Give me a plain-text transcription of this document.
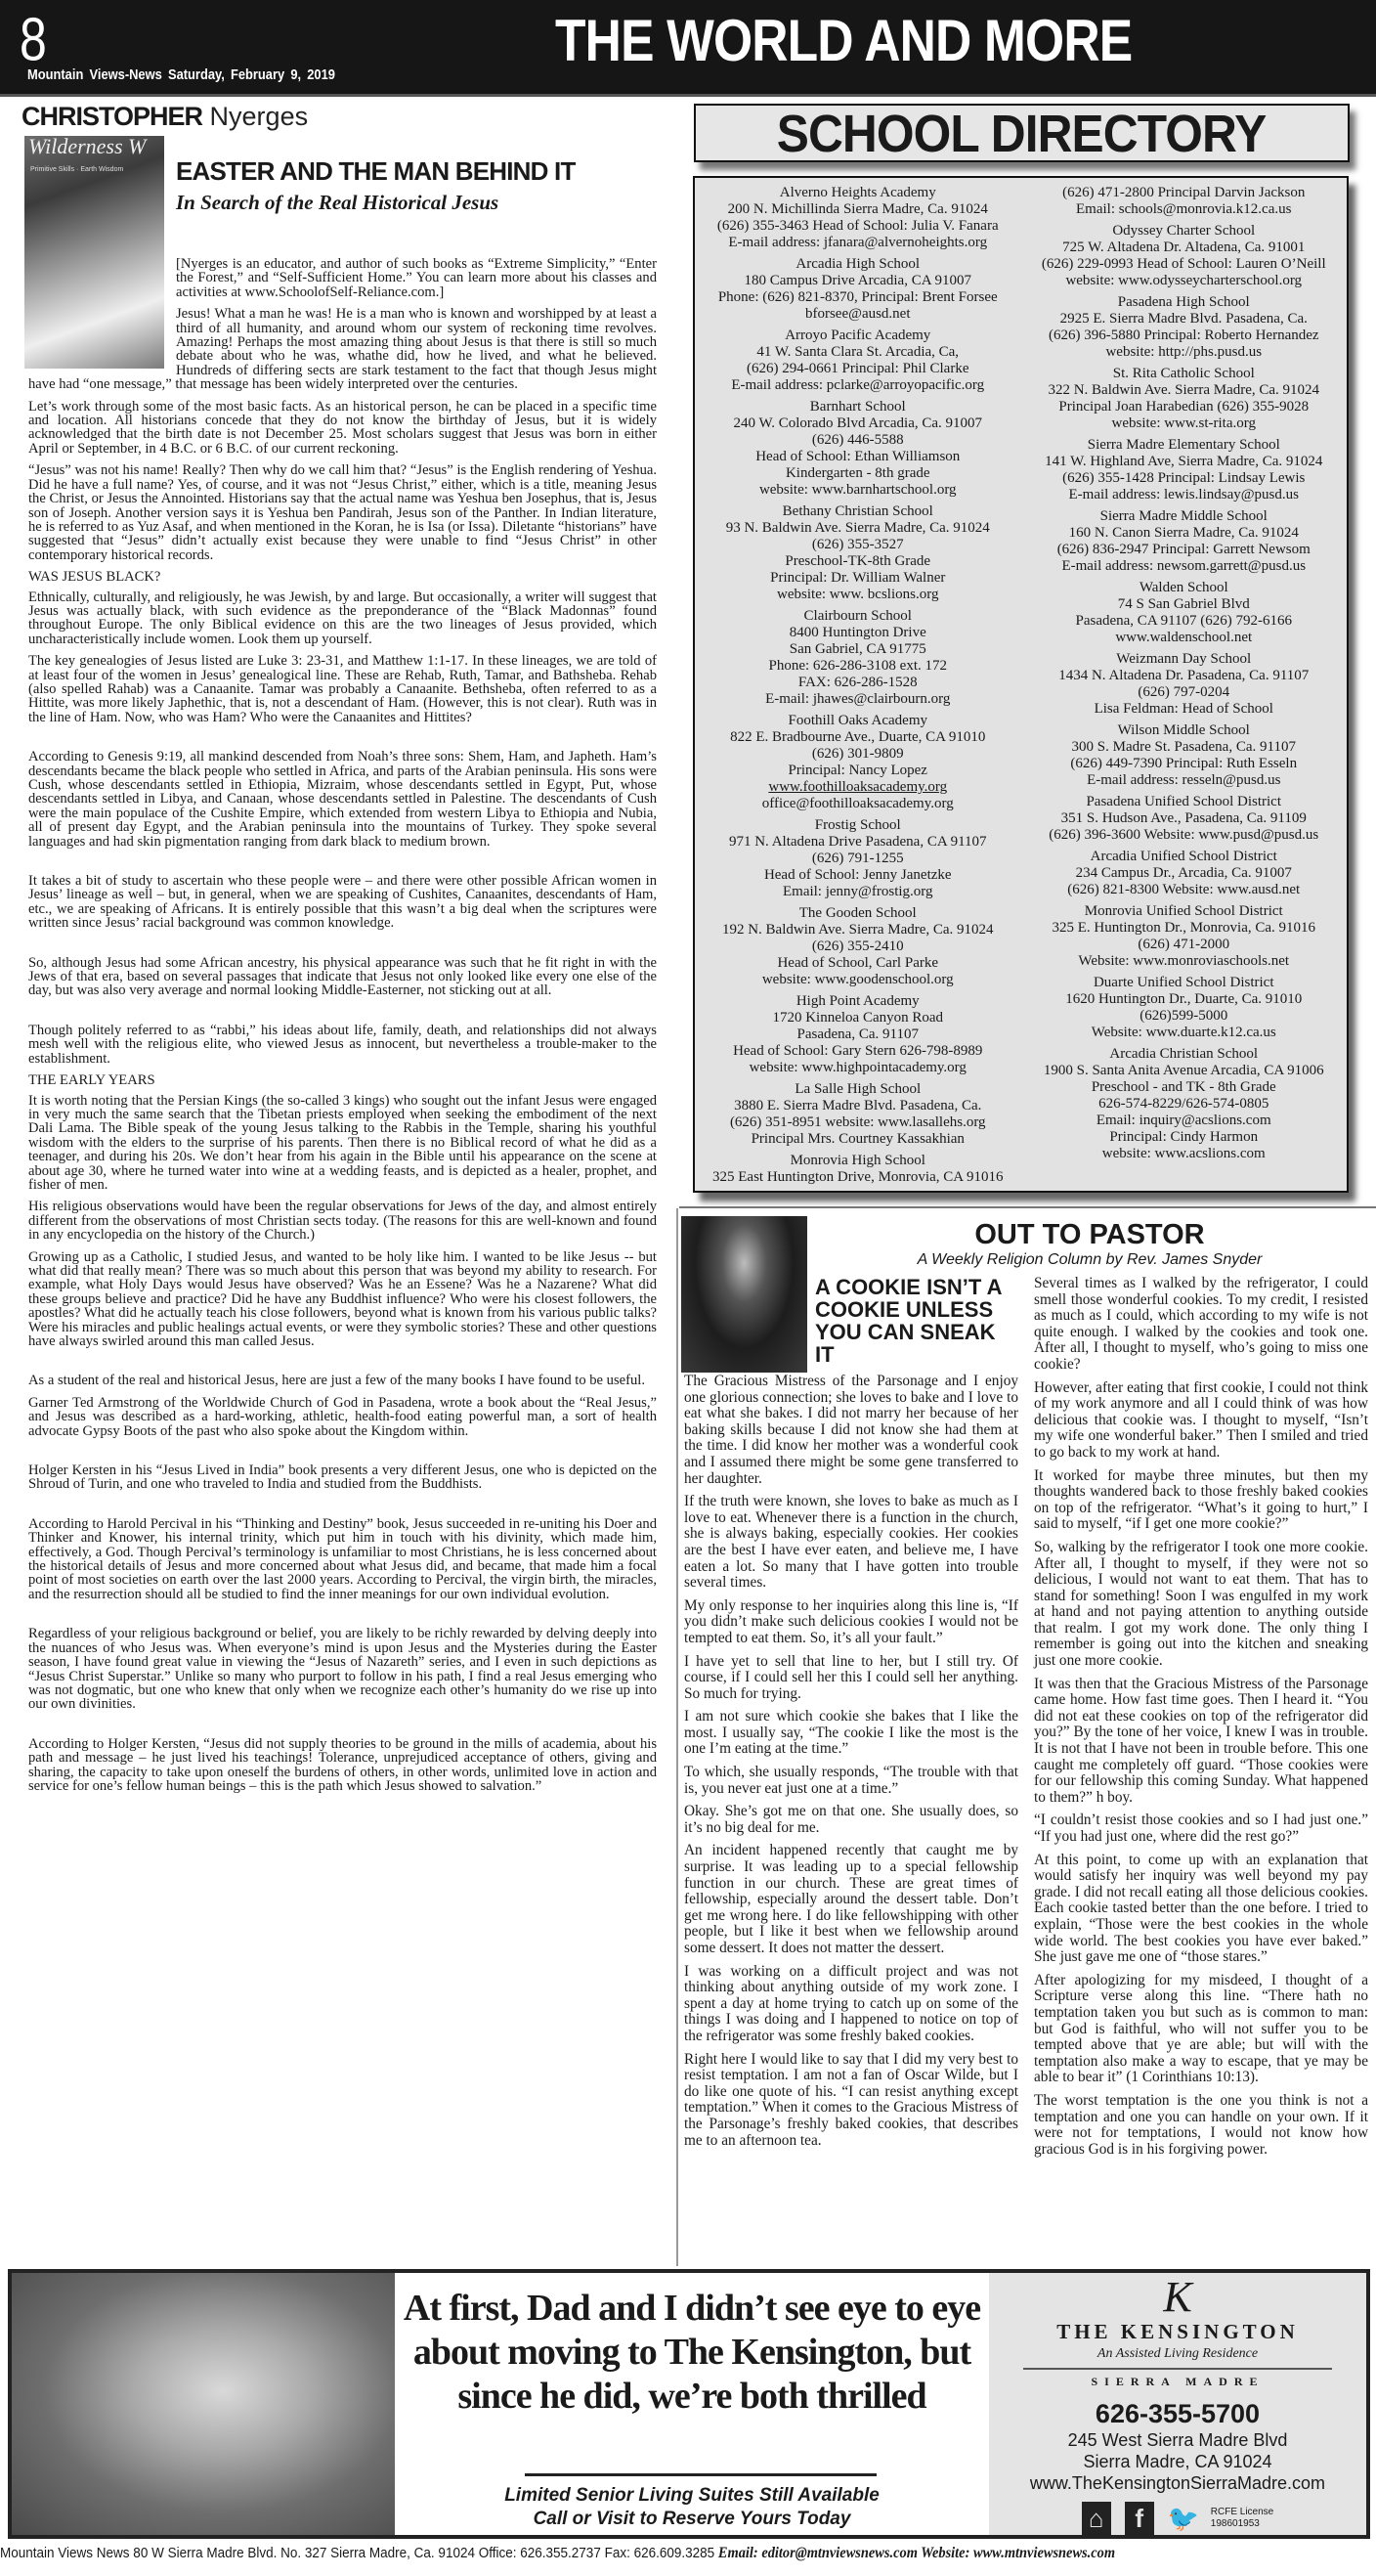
8	THE WORLD AND MORE
Mountain Views-News Saturday, February 9, 2019
CHRISTOPHER Nyerges
Wilderness W
Primitive Skills · Earth Wisdom	EASTER AND THE MAN BEHIND IT
In Search of the Real Historical Jesus

[Nyerges is an educator, and author of such books as “Extreme Simplicity,” “Enter the Forest,” and “Self-Sufficient Home.” You can learn more about his classes and activities at www.SchoolofSelf-Reliance.com.]

Jesus! What a man he was! He is a man who is known and worshipped by at least a third of all humanity, and around whom our system of reckoning time revolves. Amazing! Perhaps the most amazing thing about Jesus is that there is still so much debate about who he was, whathe did, how he lived, and what he believed. Hundreds of differing sects are stark testament to the fact that though Jesus might have had “one message,” that message has been widely interpreted over the centuries.

Let’s work through some of the most basic facts. As an historical person, he can be placed in a specific time and location. All historians concede that they do not know the birthday of Jesus, but it is widely acknowledged that the birth date is not December 25. Most scholars suggest that Jesus was born in either April or September, in 4 B.C. or 6 B.C. of our current reckoning.

“Jesus” was not his name! Really? Then why do we call him that? “Jesus” is the English rendering of Yeshua. Did he have a full name? Yes, of course, and it was not “Jesus Christ,” either, which is a title, meaning Jesus the Christ, or Jesus the Annointed. Historians say that the actual name was Yeshua ben Josephus, that is, Jesus son of Joseph. Another version says it is Yeshua ben Pandirah, Jesus son of the Panther. In Indian literature, he is referred to as Yuz Asaf, and when mentioned in the Koran, he is Isa (or Issa). Diletante “historians” have suggested that “Jesus” didn’t actually exist because they were unable to find “Jesus Christ” in other contemporary historical records.

WAS JESUS BLACK?

Ethnically, culturally, and religiously, he was Jewish, by and large. But occasionally, a writer will suggest that Jesus was actually black, with such evidence as the preponderance of the “Black Madonnas” found throughout Europe. The only Biblical evidence on this are the two lineages of Jesus provided, which uncharacteristically include women. Look them up yourself.

The key genealogies of Jesus listed are Luke 3: 23-31, and Matthew 1:1-17. In these lineages, we are told of at least four of the women in Jesus’ genealogical line. These are Rehab, Ruth, Tamar, and Bathsheba. Rehab (also spelled Rahab) was a Canaanite. Tamar was probably a Canaanite. Bethsheba, often referred to as a Hittite, was more likely Japhethic, that is, not a descendant of Ham. (However, this is not clear). Ruth was in the line of Ham. Now, who was Ham? Who were the Canaanites and Hittites?

According to Genesis 9:19, all mankind descended from Noah’s three sons: Shem, Ham, and Japheth. Ham’s descendants became the black people who settled in Africa, and parts of the Arabian peninsula. His sons were Cush, whose descendants settled in Ethiopia, Mizraim, whose descendants settled in Egypt, Put, whose descendants settled in Libya, and Canaan, whose descendants settled in Palestine. The descendants of Cush were the main populace of the Cushite Empire, which extended from western Libya to Ethiopia and Nubia, all of present day Egypt, and the Arabian peninsula into the mountains of Turkey. They spoke several languages and had skin pigmentation ranging from dark black to medium brown.

It takes a bit of study to ascertain who these people were – and there were other possible African women in Jesus’ lineage as well – but, in general, when we are speaking of Cushites, Canaanites, descendants of Ham, etc., we are speaking of Africans. It is entirely possible that this wasn’t a big deal when the scriptures were written since Jesus’ racial background was common knowledge.

So, although Jesus had some African ancestry, his physical appearance was such that he fit right in with the Jews of that era, based on several passages that indicate that Jesus not only looked like every one else of the day, but was also very average and normal looking Middle-Easterner, not sticking out at all.

Though politely referred to as “rabbi,” his ideas about life, family, death, and relationships did not always mesh well with the religious elite, who viewed Jesus as innocent, but nevertheless a trouble-maker to the establishment.

THE EARLY YEARS

It is worth noting that the Persian Kings (the so-called 3 kings) who sought out the infant Jesus were engaged in very much the same search that the Tibetan priests employed when seeking the embodiment of the next Dali Lama. The Bible speak of the young Jesus talking to the Rabbis in the Temple, sharing his youthful wisdom with the elders to the surprise of his parents. Then there is no Biblical record of what he did as a teenager, and during his 20s. We don’t hear from his again in the Bible until his appearance on the scene at about age 30, where he turned water into wine at a wedding feasts, and is depicted as a healer, prophet, and fisher of men.

His religious observations would have been the regular observations for Jews of the day, and almost entirely different from the observations of most Christian sects today. (The reasons for this are well-known and found in any encyclopedia on the history of the Church.)

Growing up as a Catholic, I studied Jesus, and wanted to be holy like him. I wanted to be like Jesus -- but what did that really mean? There was so much about this person that was beyond my ability to research. For example, what Holy Days would Jesus have observed? Was he an Essene? Was he a Nazarene? What did these groups believe and practice? Did he have any Buddhist influence? Who were his closest followers, the apostles? What did he actually teach his close followers, beyond what is known from his various public talks? Were his miracles and public healings actual events, or were they symbolic stories? These and other questions have always swirled around this man called Jesus.

As a student of the real and historical Jesus, here are just a few of the many books I have found to be useful.

Garner Ted Armstrong of the Worldwide Church of God in Pasadena, wrote a book about the “Real Jesus,” and Jesus was described as a hard-working, athletic, health-food eating powerful man, a sort of health advocate Gypsy Boots of the past who also spoke about the Kingdom within.

Holger Kersten in his “Jesus Lived in India” book presents a very different Jesus, one who is depicted on the Shroud of Turin, and one who traveled to India and studied from the Buddhists.

According to Harold Percival in his “Thinking and Destiny” book, Jesus succeeded in re-uniting his Doer and Thinker and Knower, his internal trinity, which put him in touch with his divinity, which made him, effectively, a God. Though Percival’s terminology is unfamiliar to most Christians, he is less concerned about the historical details of Jesus and more concerned about what Jesus did, and became, that made him a focal point of most societies on earth over the last 2000 years. According to Percival, the virgin birth, the miracles, and the resurrection should all be studied to find the inner meanings for our own individual evolution.

Regardless of your religious background or belief, you are likely to be richly rewarded by delving deeply into the nuances of who Jesus was. When everyone’s mind is upon Jesus and the Mysteries during the Easter season, I have found great value in viewing the “Jesus of Nazareth” series, and I even in such depictions as “Jesus Christ Superstar.” Unlike so many who purport to follow in his path, I find a real Jesus emerging who was not dogmatic, but one who knew that only when we recognize each other’s humanity do we rise up into our own divinities.

According to Holger Kersten, “Jesus did not supply theories to be ground in the mills of academia, about his path and message – he just lived his teachings! Tolerance, unprejudiced acceptance of others, giving and sharing, the capacity to take upon oneself the burdens of others, in other words, unlimited love in action and service for one’s fellow human beings – this is the path which Jesus showed to salvation.”

SCHOOL DIRECTORY
Alverno Heights Academy
200 N. Michillinda Sierra Madre, Ca. 91024
(626) 355-3463 Head of School: Julia V. Fanara
E-mail address: jfanara@alvernoheights.org
Arcadia High School
180 Campus Drive Arcadia, CA 91007
Phone: (626) 821-8370, Principal: Brent Forsee
bforsee@ausd.net
Arroyo Pacific Academy
41 W. Santa Clara St. Arcadia, Ca,
(626) 294-0661 Principal: Phil Clarke
E-mail address: pclarke@arroyopacific.org
Barnhart School
240 W. Colorado Blvd Arcadia, Ca. 91007
(626) 446-5588
Head of School: Ethan Williamson
Kindergarten - 8th grade
website: www.barnhartschool.org
Bethany Christian School
93 N. Baldwin Ave. Sierra Madre, Ca. 91024
(626) 355-3527
Preschool-TK-8th Grade
Principal: Dr. William Walner
website: www. bcslions.org
Clairbourn School
8400 Huntington Drive
San Gabriel, CA 91775
Phone: 626-286-3108 ext. 172
FAX: 626-286-1528
E-mail: jhawes@clairbourn.org
Foothill Oaks Academy
822 E. Bradbourne Ave., Duarte, CA 91010
(626) 301-9809
Principal: Nancy Lopez
www.foothilloaksacademy.org
office@foothilloaksacademy.org
Frostig School
971 N. Altadena Drive Pasadena, CA 91107
(626) 791-1255
Head of School: Jenny Janetzke
Email: jenny@frostig.org
The Gooden School
192 N. Baldwin Ave. Sierra Madre, Ca. 91024
(626) 355-2410
Head of School, Carl Parke
website: www.goodenschool.org
High Point Academy
1720 Kinneloa Canyon Road
Pasadena, Ca. 91107
Head of School: Gary Stern 626-798-8989
website: www.highpointacademy.org
La Salle High School
3880 E. Sierra Madre Blvd. Pasadena, Ca.
(626) 351-8951 website: www.lasallehs.org
Principal Mrs. Courtney Kassakhian
Monrovia High School
325 East Huntington Drive, Monrovia, CA 91016
(626) 471-2800 Principal Darvin Jackson
Email: schools@monrovia.k12.ca.us
Odyssey Charter School
725 W. Altadena Dr. Altadena, Ca. 91001
(626) 229-0993 Head of School: Lauren O’Neill
website: www.odysseycharterschool.org
Pasadena High School
2925 E. Sierra Madre Blvd. Pasadena, Ca.
(626) 396-5880 Principal: Roberto Hernandez
website: http://phs.pusd.us
St. Rita Catholic School
322 N. Baldwin Ave. Sierra Madre, Ca. 91024
Principal Joan Harabedian (626) 355-9028
website: www.st-rita.org
Sierra Madre Elementary School
141 W. Highland Ave, Sierra Madre, Ca. 91024
(626) 355-1428 Principal: Lindsay Lewis
E-mail address: lewis.lindsay@pusd.us
Sierra Madre Middle School
160 N. Canon Sierra Madre, Ca. 91024
(626) 836-2947 Principal: Garrett Newsom
E-mail address: newsom.garrett@pusd.us
Walden School
74 S San Gabriel Blvd
Pasadena, CA 91107 (626) 792-6166
www.waldenschool.net
Weizmann Day School
1434 N. Altadena Dr. Pasadena, Ca. 91107
(626) 797-0204
Lisa Feldman: Head of School
Wilson Middle School
300 S. Madre St. Pasadena, Ca. 91107
(626) 449-7390 Principal: Ruth Esseln
E-mail address: resseln@pusd.us
Pasadena Unified School District
351 S. Hudson Ave., Pasadena, Ca. 91109
(626) 396-3600 Website: www.pusd@pusd.us
Arcadia Unified School District
234 Campus Dr., Arcadia, Ca. 91007
(626) 821-8300 Website: www.ausd.net
Monrovia Unified School District
325 E. Huntington Dr., Monrovia, Ca. 91016
(626) 471-2000
Website: www.monroviaschools.net
Duarte Unified School District
1620 Huntington Dr., Duarte, Ca. 91010
(626)599-5000
Website: www.duarte.k12.ca.us
Arcadia Christian School
1900 S. Santa Anita Avenue Arcadia, CA 91006
Preschool - and TK - 8th Grade
626-574-8229/626-574-0805
Email: inquiry@acslions.com
Principal: Cindy Harmon
website: www.acslions.com
OUT TO PASTOR
A Weekly Religion Column by Rev. James Snyder
A COOKIE ISN’T A COOKIE UNLESS YOU CAN SNEAK IT

The Gracious Mistress of the Parsonage and I enjoy one glorious connection; she loves to bake and I love to eat what she bakes. I did not marry her because of her baking skills because I did not know she had them at the time. I did know her mother was a wonderful cook and I assumed there might be some gene transferred to her daughter.

If the truth were known, she loves to bake as much as I love to eat. Whenever there is a function in the church, she is always baking, especially cookies. Her cookies are the best I have ever eaten, and believe me, I have eaten a lot. So many that I have gotten into trouble several times.

My only response to her inquiries along this line is, “If you didn’t make such delicious cookies I would not be tempted to eat them. So, it’s all your fault.”

I have yet to sell that line to her, but I still try. Of course, if I could sell her this I could sell her anything. So much for trying.

I am not sure which cookie she bakes that I like the most. I usually say, “The cookie I like the most is the one I’m eating at the time.”

To which, she usually responds, “The trouble with that is, you never eat just one at a time.”

Okay. She’s got me on that one. She usually does, so it’s no big deal for me.

An incident happened recently that caught me by surprise. It was leading up to a special fellowship function in our church. These are great times of fellowship, especially around the dessert table. Don’t get me wrong here. I do like fellowshipping with other people, but I like it best when we fellowship around some dessert. It does not matter the dessert.

I was working on a difficult project and was not thinking about anything outside of my work zone. I spent a day at home trying to catch up on some of the things I was doing and I happened to notice on top of the refrigerator was some freshly baked cookies.

Right here I would like to say that I did my very best to resist temptation. I am not a fan of Oscar Wilde, but I do like one quote of his. “I can resist anything except temptation.” When it comes to the Gracious Mistress of the Parsonage’s freshly baked cookies, that describes me to an afternoon tea.

Several times as I walked by the refrigerator, I could smell those wonderful cookies. To my credit, I resisted as much as I could, which according to my wife is not quite enough. I walked by the cookies and took one. After all, I thought to myself, who’s going to miss one cookie?

However, after eating that first cookie, I could not think of my work anymore and all I could think of was how delicious that cookie was. I thought to myself, “Isn’t my wife one wonderful baker.” Then I smiled and tried to go back to my work at hand.

It worked for maybe three minutes, but then my thoughts wandered back to those freshly baked cookies on top of the refrigerator. “What’s it going to hurt,” I said to myself, “if I get one more cookie?”

So, walking by the refrigerator I took one more cookie. After all, I thought to myself, if they were not so delicious, I would not want to eat them. That has to stand for something! Soon I was engulfed in my work at hand and not paying attention to anything outside that realm. I got my work done. The only thing I remember is going out into the kitchen and sneaking just one more cookie.

It was then that the Gracious Mistress of the Parsonage came home. How fast time goes. Then I heard it. “You did not eat these cookies on top of the refrigerator did you?” By the tone of her voice, I knew I was in trouble. It is not that I have not been in trouble before. This one caught me completely off guard. “Those cookies were for our fellowship this coming Sunday. What happened to them?” h boy.

“I couldn’t resist those cookies and so I had just one.” “If you had just one, where did the rest go?”

At this point, to come up with an explanation that would satisfy her inquiry was well beyond my pay grade. I did not recall eating all those delicious cookies. Each cookie tasted better than the one before. I tried to explain, “Those were the best cookies in the whole wide world. The best cookies you have ever baked.” She just gave me one of “those stares.”

After apologizing for my misdeed, I thought of a Scripture verse along this line. “There hath no temptation taken you but such as is common to man: but God is faithful, who will not suffer you to be tempted above that ye are able; but will with the temptation also make a way to escape, that ye may be able to bear it” (1 Corinthians 10:13).

The worst temptation is the one you think is not a temptation and one you can handle on your own. If it were not for temptations, I would not know how gracious God is in his forgiving power.

At first, Dad and I didn’t see eye to eye about moving to The Kensington, but since he did, we’re both thrilled
Limited Senior Living Suites Still Available
Call or Visit to Reserve Yours Today
K
THE KENSINGTON
An Assisted Living Residence
SIERRA MADRE
626-355-5700
245 West Sierra Madre Blvd
Sierra Madre, CA 91024
www.TheKensingtonSierraMadre.com
⌂	f 🐦 RCFE License
198601953
Mountain Views News 80 W Sierra Madre Blvd. No. 327 Sierra Madre, Ca. 91024 Office: 626.355.2737 Fax: 626.609.3285 Email: editor@mtnviewsnews.com Website: www.mtnviewsnews.com
